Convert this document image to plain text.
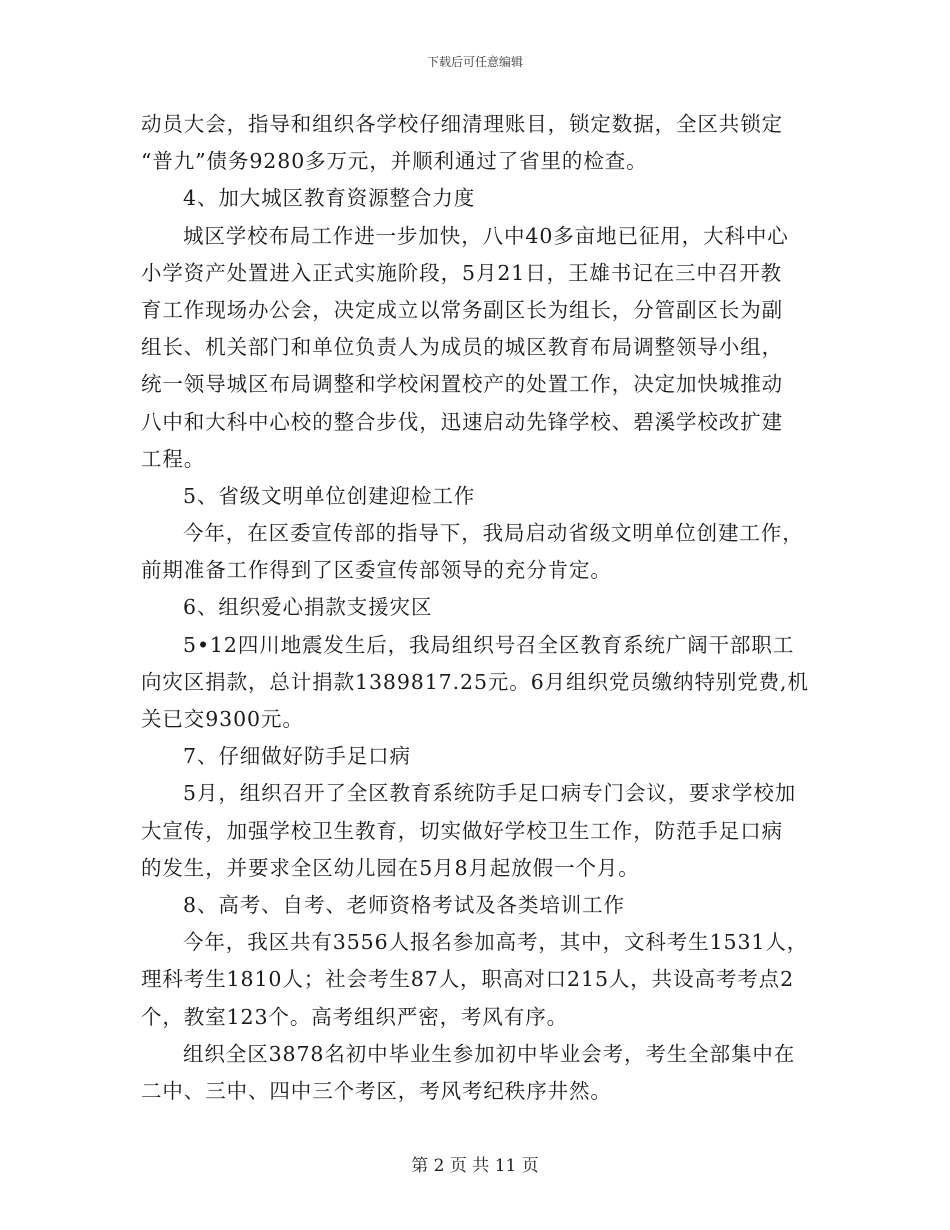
下载后可任意编辑
动员大会，指导和组织各学校仔细清理账目，锁定数据，全区共锁定
“普九”债务9280多万元，并顺利通过了省里的检查。
4、加大城区教育资源整合力度
城区学校布局工作进一步加快，八中40多亩地已征用，大科中心
小学资产处置进入正式实施阶段，5月21日，王雄书记在三中召开教
育工作现场办公会，决定成立以常务副区长为组长，分管副区长为副
组长、机关部门和单位负责人为成员的城区教育布局调整领导小组，
统一领导城区布局调整和学校闲置校产的处置工作，决定加快城推动
八中和大科中心校的整合步伐，迅速启动先锋学校、碧溪学校改扩建
工程。
5、省级文明单位创建迎检工作
今年，在区委宣传部的指导下，我局启动省级文明单位创建工作，
前期准备工作得到了区委宣传部领导的充分肯定。
6、组织爱心捐款支援灾区
5•12四川地震发生后，我局组织号召全区教育系统广阔干部职工
向灾区捐款，总计捐款1389817.25元。6月组织党员缴纳特别党费,机
关已交9300元。
7、仔细做好防手足口病
5月，组织召开了全区教育系统防手足口病专门会议，要求学校加
大宣传，加强学校卫生教育，切实做好学校卫生工作，防范手足口病
的发生，并要求全区幼儿园在5月8月起放假一个月。
8、高考、自考、老师资格考试及各类培训工作
今年，我区共有3556人报名参加高考，其中，文科考生1531人，
理科考生1810人；社会考生87人，职高对口215人，共设高考考点2
个，教室123个。高考组织严密，考风有序。
组织全区3878名初中毕业生参加初中毕业会考，考生全部集中在
二中、三中、四中三个考区，考风考纪秩序井然。
第 2 页 共 11 页
